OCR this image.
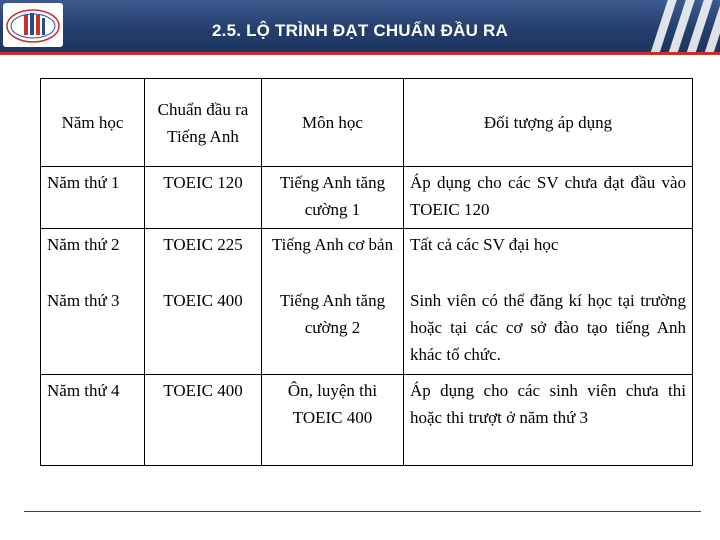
2.5. LỘ TRÌNH ĐẠT CHUẨN ĐẦU RA
Năm học	Chuẩn đầu ra Tiếng Anh	Môn học	Đối tượng áp dụng
Năm thứ 1	TOEIC 120	Tiếng Anh tăng cường 1	Áp dụng cho các SV chưa đạt đầu vào TOEIC 120
Năm thứ 2	TOEIC 225	Tiếng Anh cơ bản	Tất cả các SV đại học
Năm thứ 3	TOEIC 400	Tiếng Anh tăng cường 2	Sinh viên có thể đăng kí học tại trường hoặc tại các cơ sở đào tạo tiếng Anh khác tổ chức.
Năm thứ 4	TOEIC 400	Ôn, luyện thi TOEIC 400	Áp dụng cho các sinh viên chưa thi hoặc thi trượt ở năm thứ 3
